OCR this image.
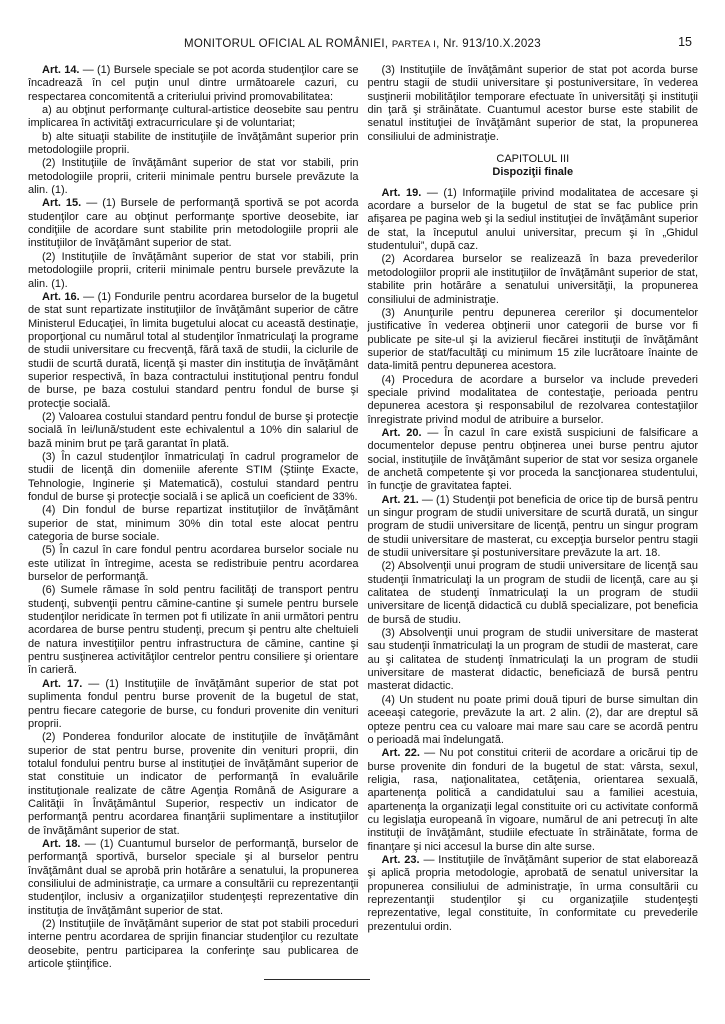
MONITORUL OFICIAL AL ROMÂNIEI, PARTEA I, Nr. 913/10.X.2023	15

Art. 14. — (1) Bursele speciale se pot acorda studenţilor care se încadrează în cel puţin unul dintre următoarele cazuri, cu respectarea concomitentă a criteriului privind promovabilitatea:

a) au obţinut performanţe cultural-artistice deosebite sau pentru implicarea în activităţi extracurriculare şi de voluntariat;

b) alte situaţii stabilite de instituţiile de învăţământ superior prin metodologiile proprii.

(2) Instituţiile de învăţământ superior de stat vor stabili, prin metodologiile proprii, criterii minimale pentru bursele prevăzute la alin. (1).

Art. 15. — (1) Bursele de performanţă sportivă se pot acorda studenţilor care au obţinut performanţe sportive deosebite, iar condiţiile de acordare sunt stabilite prin metodologiile proprii ale instituţiilor de învăţământ superior de stat.

(2) Instituţiile de învăţământ superior de stat vor stabili, prin metodologiile proprii, criterii minimale pentru bursele prevăzute la alin. (1).

Art. 16. — (1) Fondurile pentru acordarea burselor de la bugetul de stat sunt repartizate instituţiilor de învăţământ superior de către Ministerul Educaţiei, în limita bugetului alocat cu această destinaţie, proporţional cu numărul total al studenţilor înmatriculaţi la programe de studii universitare cu frecvenţă, fără taxă de studii, la ciclurile de studii de scurtă durată, licenţă şi master din instituţia de învăţământ superior respectivă, în baza contractului instituţional pentru fondul de burse, pe baza costului standard pentru fondul de burse şi protecţie socială.

(2) Valoarea costului standard pentru fondul de burse şi protecţie socială în lei/lună/student este echivalentul a 10% din salariul de bază minim brut pe ţară garantat în plată.

(3) În cazul studenţilor înmatriculaţi în cadrul programelor de studii de licenţă din domeniile aferente STIM (Ştiinţe Exacte, Tehnologie, Inginerie şi Matematică), costului standard pentru fondul de burse şi protecţie socială i se aplică un coeficient de 33%.

(4) Din fondul de burse repartizat instituţiilor de învăţământ superior de stat, minimum 30% din total este alocat pentru categoria de burse sociale.

(5) În cazul în care fondul pentru acordarea burselor sociale nu este utilizat în întregime, acesta se redistribuie pentru acordarea burselor de performanţă.

(6) Sumele rămase în sold pentru facilităţi de transport pentru studenţi, subvenţii pentru cămine-cantine şi sumele pentru bursele studenţilor neridicate în termen pot fi utilizate în anii următori pentru acordarea de burse pentru studenţi, precum şi pentru alte cheltuieli de natura investiţiilor pentru infrastructura de cămine, cantine şi pentru susţinerea activităţilor centrelor pentru consiliere şi orientare în carieră.

Art. 17. — (1) Instituţiile de învăţământ superior de stat pot suplimenta fondul pentru burse provenit de la bugetul de stat, pentru fiecare categorie de burse, cu fonduri provenite din venituri proprii.

(2) Ponderea fondurilor alocate de instituţiile de învăţământ superior de stat pentru burse, provenite din venituri proprii, din totalul fondului pentru burse al instituţiei de învăţământ superior de stat constituie un indicator de performanţă în evaluările instituţionale realizate de către Agenţia Română de Asigurare a Calităţii în Învăţământul Superior, respectiv un indicator de performanţă pentru acordarea finanţării suplimentare a instituţiilor de învăţământ superior de stat.

Art. 18. — (1) Cuantumul burselor de performanţă, burselor de performanţă sportivă, burselor speciale şi al burselor pentru învăţământ dual se aprobă prin hotărâre a senatului, la propunerea consiliului de administraţie, ca urmare a consultării cu reprezentanţii studenţilor, inclusiv a organizaţiilor studenţeşti reprezentative din instituţia de învăţământ superior de stat.

(2) Instituţiile de învăţământ superior de stat pot stabili proceduri interne pentru acordarea de sprijin financiar studenţilor cu rezultate deosebite, pentru participarea la conferinţe sau publicarea de articole ştiinţifice.

(3) Instituţiile de învăţământ superior de stat pot acorda burse pentru stagii de studii universitare şi postuniversitare, în vederea susţinerii mobilităţilor temporare efectuate în universităţi şi instituţii din ţară şi străinătate. Cuantumul acestor burse este stabilit de senatul instituţiei de învăţământ superior de stat, la propunerea consiliului de administraţie.

CAPITOLUL III

Dispoziţii finale

Art. 19. — (1) Informaţiile privind modalitatea de accesare şi acordare a burselor de la bugetul de stat se fac publice prin afişarea pe pagina web şi la sediul instituţiei de învăţământ superior de stat, la începutul anului universitar, precum şi în „Ghidul studentului”, după caz.

(2) Acordarea burselor se realizează în baza prevederilor metodologiilor proprii ale instituţiilor de învăţământ superior de stat, stabilite prin hotărâre a senatului universităţii, la propunerea consiliului de administraţie.

(3) Anunţurile pentru depunerea cererilor şi documentelor justificative în vederea obţinerii unor categorii de burse vor fi publicate pe site-ul şi la avizierul fiecărei instituţii de învăţământ superior de stat/facultăţi cu minimum 15 zile lucrătoare înainte de data-limită pentru depunerea acestora.

(4) Procedura de acordare a burselor va include prevederi speciale privind modalitatea de contestaţie, perioada pentru depunerea acestora şi responsabilul de rezolvarea contestaţiilor înregistrate privind modul de atribuire a burselor.

Art. 20. — În cazul în care există suspiciuni de falsificare a documentelor depuse pentru obţinerea unei burse pentru ajutor social, instituţiile de învăţământ superior de stat vor sesiza organele de anchetă competente şi vor proceda la sancţionarea studentului, în funcţie de gravitatea faptei.

Art. 21. — (1) Studenţii pot beneficia de orice tip de bursă pentru un singur program de studii universitare de scurtă durată, un singur program de studii universitare de licenţă, pentru un singur program de studii universitare de masterat, cu excepţia burselor pentru stagii de studii universitare şi postuniversitare prevăzute la art. 18.

(2) Absolvenţii unui program de studii universitare de licenţă sau studenţii înmatriculaţi la un program de studii de licenţă, care au şi calitatea de studenţi înmatriculaţi la un program de studii universitare de licenţă didactică cu dublă specializare, pot beneficia de bursă de studiu.

(3) Absolvenţii unui program de studii universitare de masterat sau studenţii înmatriculaţi la un program de studii de masterat, care au şi calitatea de studenţi înmatriculaţi la un program de studii universitare de masterat didactic, beneficiază de bursă pentru masterat didactic.

(4) Un student nu poate primi două tipuri de burse simultan din aceeaşi categorie, prevăzute la art. 2 alin. (2), dar are dreptul să opteze pentru cea cu valoare mai mare sau care se acordă pentru o perioadă mai îndelungată.

Art. 22. — Nu pot constitui criterii de acordare a oricărui tip de burse provenite din fonduri de la bugetul de stat: vârsta, sexul, religia, rasa, naţionalitatea, cetăţenia, orientarea sexuală, apartenenţa politică a candidatului sau a familiei acestuia, apartenenţa la organizaţii legal constituite ori cu activitate conformă cu legislaţia europeană în vigoare, numărul de ani petrecuţi în alte instituţii de învăţământ, studiile efectuate în străinătate, forma de finanţare şi nici accesul la burse din alte surse.

Art. 23. — Instituţiile de învăţământ superior de stat elaborează şi aplică propria metodologie, aprobată de senatul universitar la propunerea consiliului de administraţie, în urma consultării cu reprezentanţii studenţilor şi cu organizaţiile studenţeşti reprezentative, legal constituite, în conformitate cu prevederile prezentului ordin.
